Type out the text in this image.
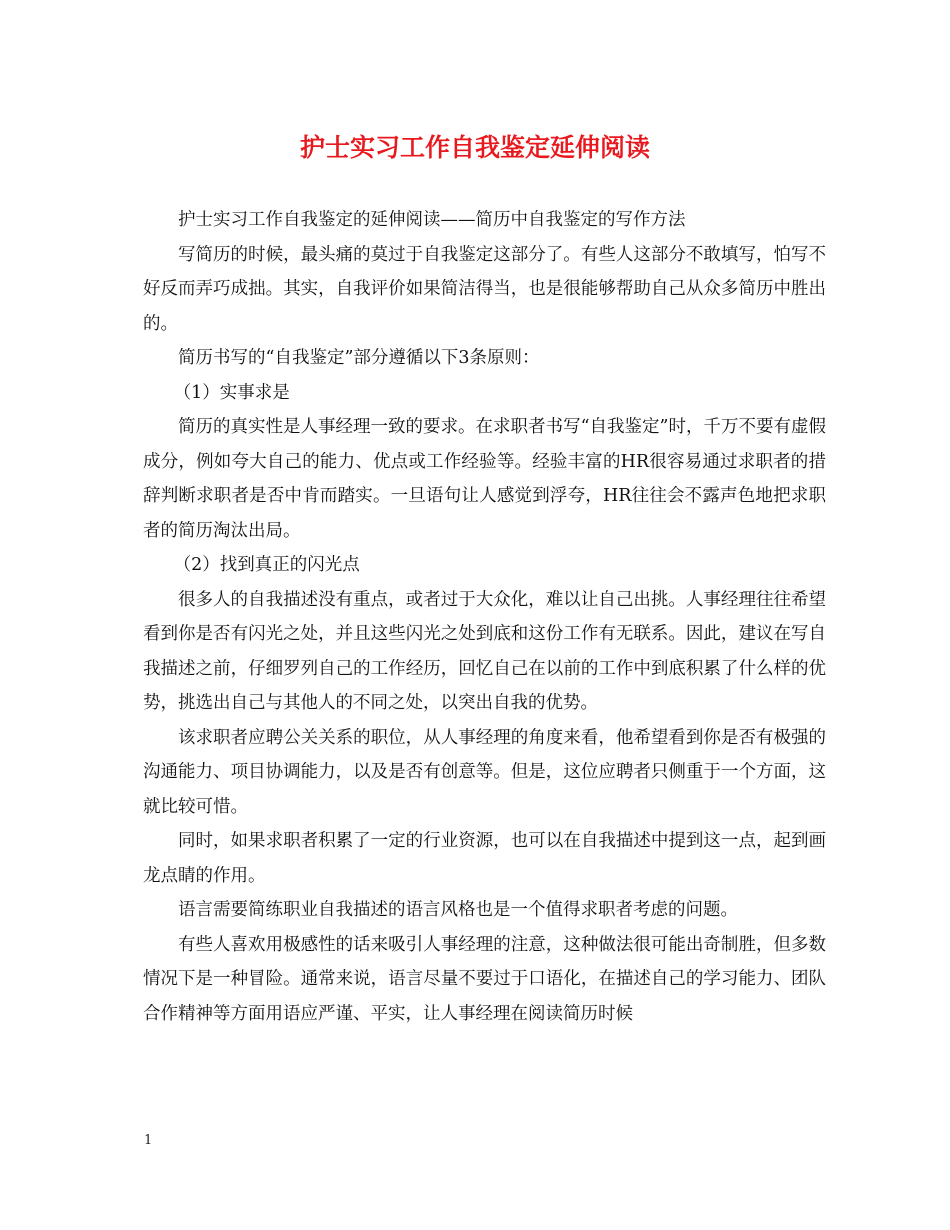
护士实习工作自我鉴定延伸阅读

护士实习工作自我鉴定的延伸阅读——简历中自我鉴定的写作方法

写简历的时候，最头痛的莫过于自我鉴定这部分了。有些人这部分不敢填写，怕写不好反而弄巧成拙。其实，自我评价如果简洁得当，也是很能够帮助自己从众多简历中胜出的。

简历书写的“自我鉴定”部分遵循以下3条原则：

（1）实事求是

简历的真实性是人事经理一致的要求。在求职者书写“自我鉴定”时，千万不要有虚假成分，例如夸大自己的能力、优点或工作经验等。经验丰富的HR很容易通过求职者的措辞判断求职者是否中肯而踏实。一旦语句让人感觉到浮夸，HR往往会不露声色地把求职者的简历淘汰出局。

（2）找到真正的闪光点

很多人的自我描述没有重点，或者过于大众化，难以让自己出挑。人事经理往往希望看到你是否有闪光之处，并且这些闪光之处到底和这份工作有无联系。因此，建议在写自我描述之前，仔细罗列自己的工作经历，回忆自己在以前的工作中到底积累了什么样的优势，挑选出自己与其他人的不同之处，以突出自我的优势。

该求职者应聘公关关系的职位，从人事经理的角度来看，他希望看到你是否有极强的沟通能力、项目协调能力，以及是否有创意等。但是，这位应聘者只侧重于一个方面，这就比较可惜。

同时，如果求职者积累了一定的行业资源，也可以在自我描述中提到这一点，起到画龙点睛的作用。

语言需要简练职业自我描述的语言风格也是一个值得求职者考虑的问题。

有些人喜欢用极感性的话来吸引人事经理的注意，这种做法很可能出奇制胜，但多数情况下是一种冒险。通常来说，语言尽量不要过于口语化，在描述自己的学习能力、团队合作精神等方面用语应严谨、平实，让人事经理在阅读简历时候

1
